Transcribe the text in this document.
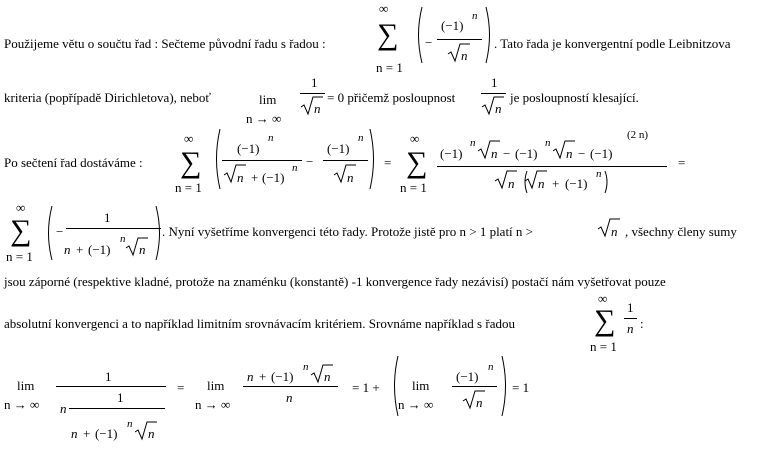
Použijeme větu o součtu řad : Sečteme původní řadu s řadou :
∞
∑
n = 1
−
(−1)
n
n
. Tato řada je konvergentní podle Leibnitzova
kriteria (popřípadě Dirichletova), neboť	lim
n → ∞
1
n
= 0 přičemž posloupnost
1
n
je posloupností klesající.
Po sečtení řad dostáváme :
∞
∑
n = 1
(−1)
n
n + (−1)
n −
(−1)
n
n
=
∞
∑
n = 1
(−1)
n
n − (−1)
n
n − (−1)
(2 n)
n n + (−1)
n
=
∞
∑
n = 1
−
1
n + (−1)
n
n
. Nyní vyšetříme konvergenci této řady. Protože jistě pro n > 1 platí n >	n , všechny členy sumy
jsou záporné (respektive kladné, protože na znaménku (konstantě) -1 konvergence řady nezávisí) postačí nám vyšetřovat pouze
absolutní konvergenci a to například limitním srovnávacím kritériem. Srovnáme například s řadou
∞
∑
n = 1
1
n :
lim
n → ∞
1
n
1
n + (−1)
n
n
= lim
n → ∞
n + (−1)
n
n
n
= 1 + lim
n → ∞
(−1)
n
n
= 1
